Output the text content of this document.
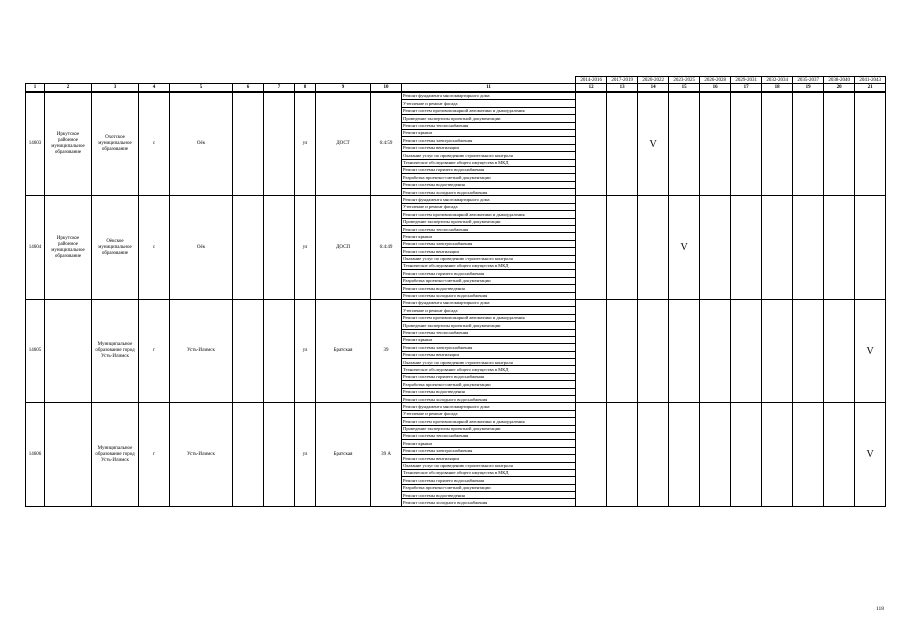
											2014-2016	2017-2019	2020-2022	2023-2025	2026-2028	2029-2031	2032-2034	2035-2037	2038-2040	2041-2043
1	2	3	4	5	6	7	8	9	10	11	12	13	14	15	16	17	18	19	20	21
14603	Иркутское районное муниципальное образование	Охотское муниципальное образование	с	Оёк			ул	ДОСТ	6:4:59	Ремонт фундамента многоквартирного дома			V							
										Утепление и ремонт фасада										
										Ремонт систем противопожарной автоматики и дымоудаления										
										Проведение экспертизы проектной документации										
										Ремонт системы теплоснабжения										
										Ремонт крыши										
										Ремонт системы электроснабжения										
										Ремонт системы вентиляции										
										Оказание услуг по проведению строительного контроля										
										Техническое обследование общего имущества в МКД										
										Ремонт системы горячего водоснабжения										
										Разработка проектно-сметной документации										
										Ремонт системы водоотведения										
										Ремонт системы холодного водоснабжения										
14604	Иркутское районное муниципальное образование	Оёкское муниципальное образование	с	Оёк			ул	ДОСП	6:4:49	Ремонт фундамента многоквартирного дома				V						
										Утепление и ремонт фасада										
										Ремонт систем противопожарной автоматики и дымоудаления										
										Проведение экспертизы проектной документации										
										Ремонт системы теплоснабжения										
										Ремонт крыши										
										Ремонт системы электроснабжения										
										Ремонт системы вентиляции										
										Оказание услуг по проведению строительного контроля										
										Техническое обследование общего имущества в МКД										
										Ремонт системы горячего водоснабжения										
										Разработка проектно-сметной документации										
										Ремонт системы водоотведения										
										Ремонт системы холодного водоснабжения										
14605		Муниципальное образование город Усть-Илимск	г	Усть-Илимск			ул	Братская	39	Ремонт фундамента многоквартирного дома										V
										Утепление и ремонт фасада										
										Ремонт систем противопожарной автоматики и дымоудаления										
										Проведение экспертизы проектной документации										
										Ремонт системы теплоснабжения										
										Ремонт крыши										
										Ремонт системы электроснабжения										
										Ремонт системы вентиляции										
										Оказание услуг по проведению строительного контроля										
										Техническое обследование общего имущества в МКД										
										Ремонт системы горячего водоснабжения										
										Разработка проектно-сметной документации										
										Ремонт системы водоотведения										
										Ремонт системы холодного водоснабжения										
14606		Муниципальное образование город Усть-Илимск	г	Усть-Илимск			ул	Братская	39 А	Ремонт фундамента многоквартирного дома										V
										Утепление и ремонт фасада										
										Ремонт систем противопожарной автоматики и дымоудаления										
										Проведение экспертизы проектной документации										
										Ремонт системы теплоснабжения										
										Ремонт крыши										
										Ремонт системы электроснабжения										
										Ремонт системы вентиляции										
										Оказание услуг по проведению строительного контроля										
										Техническое обследование общего имущества в МКД										
										Ремонт системы горячего водоснабжения										
										Разработка проектно-сметной документации										
										Ремонт системы водоотведения										
										Ремонт системы холодного водоснабжения										
118
